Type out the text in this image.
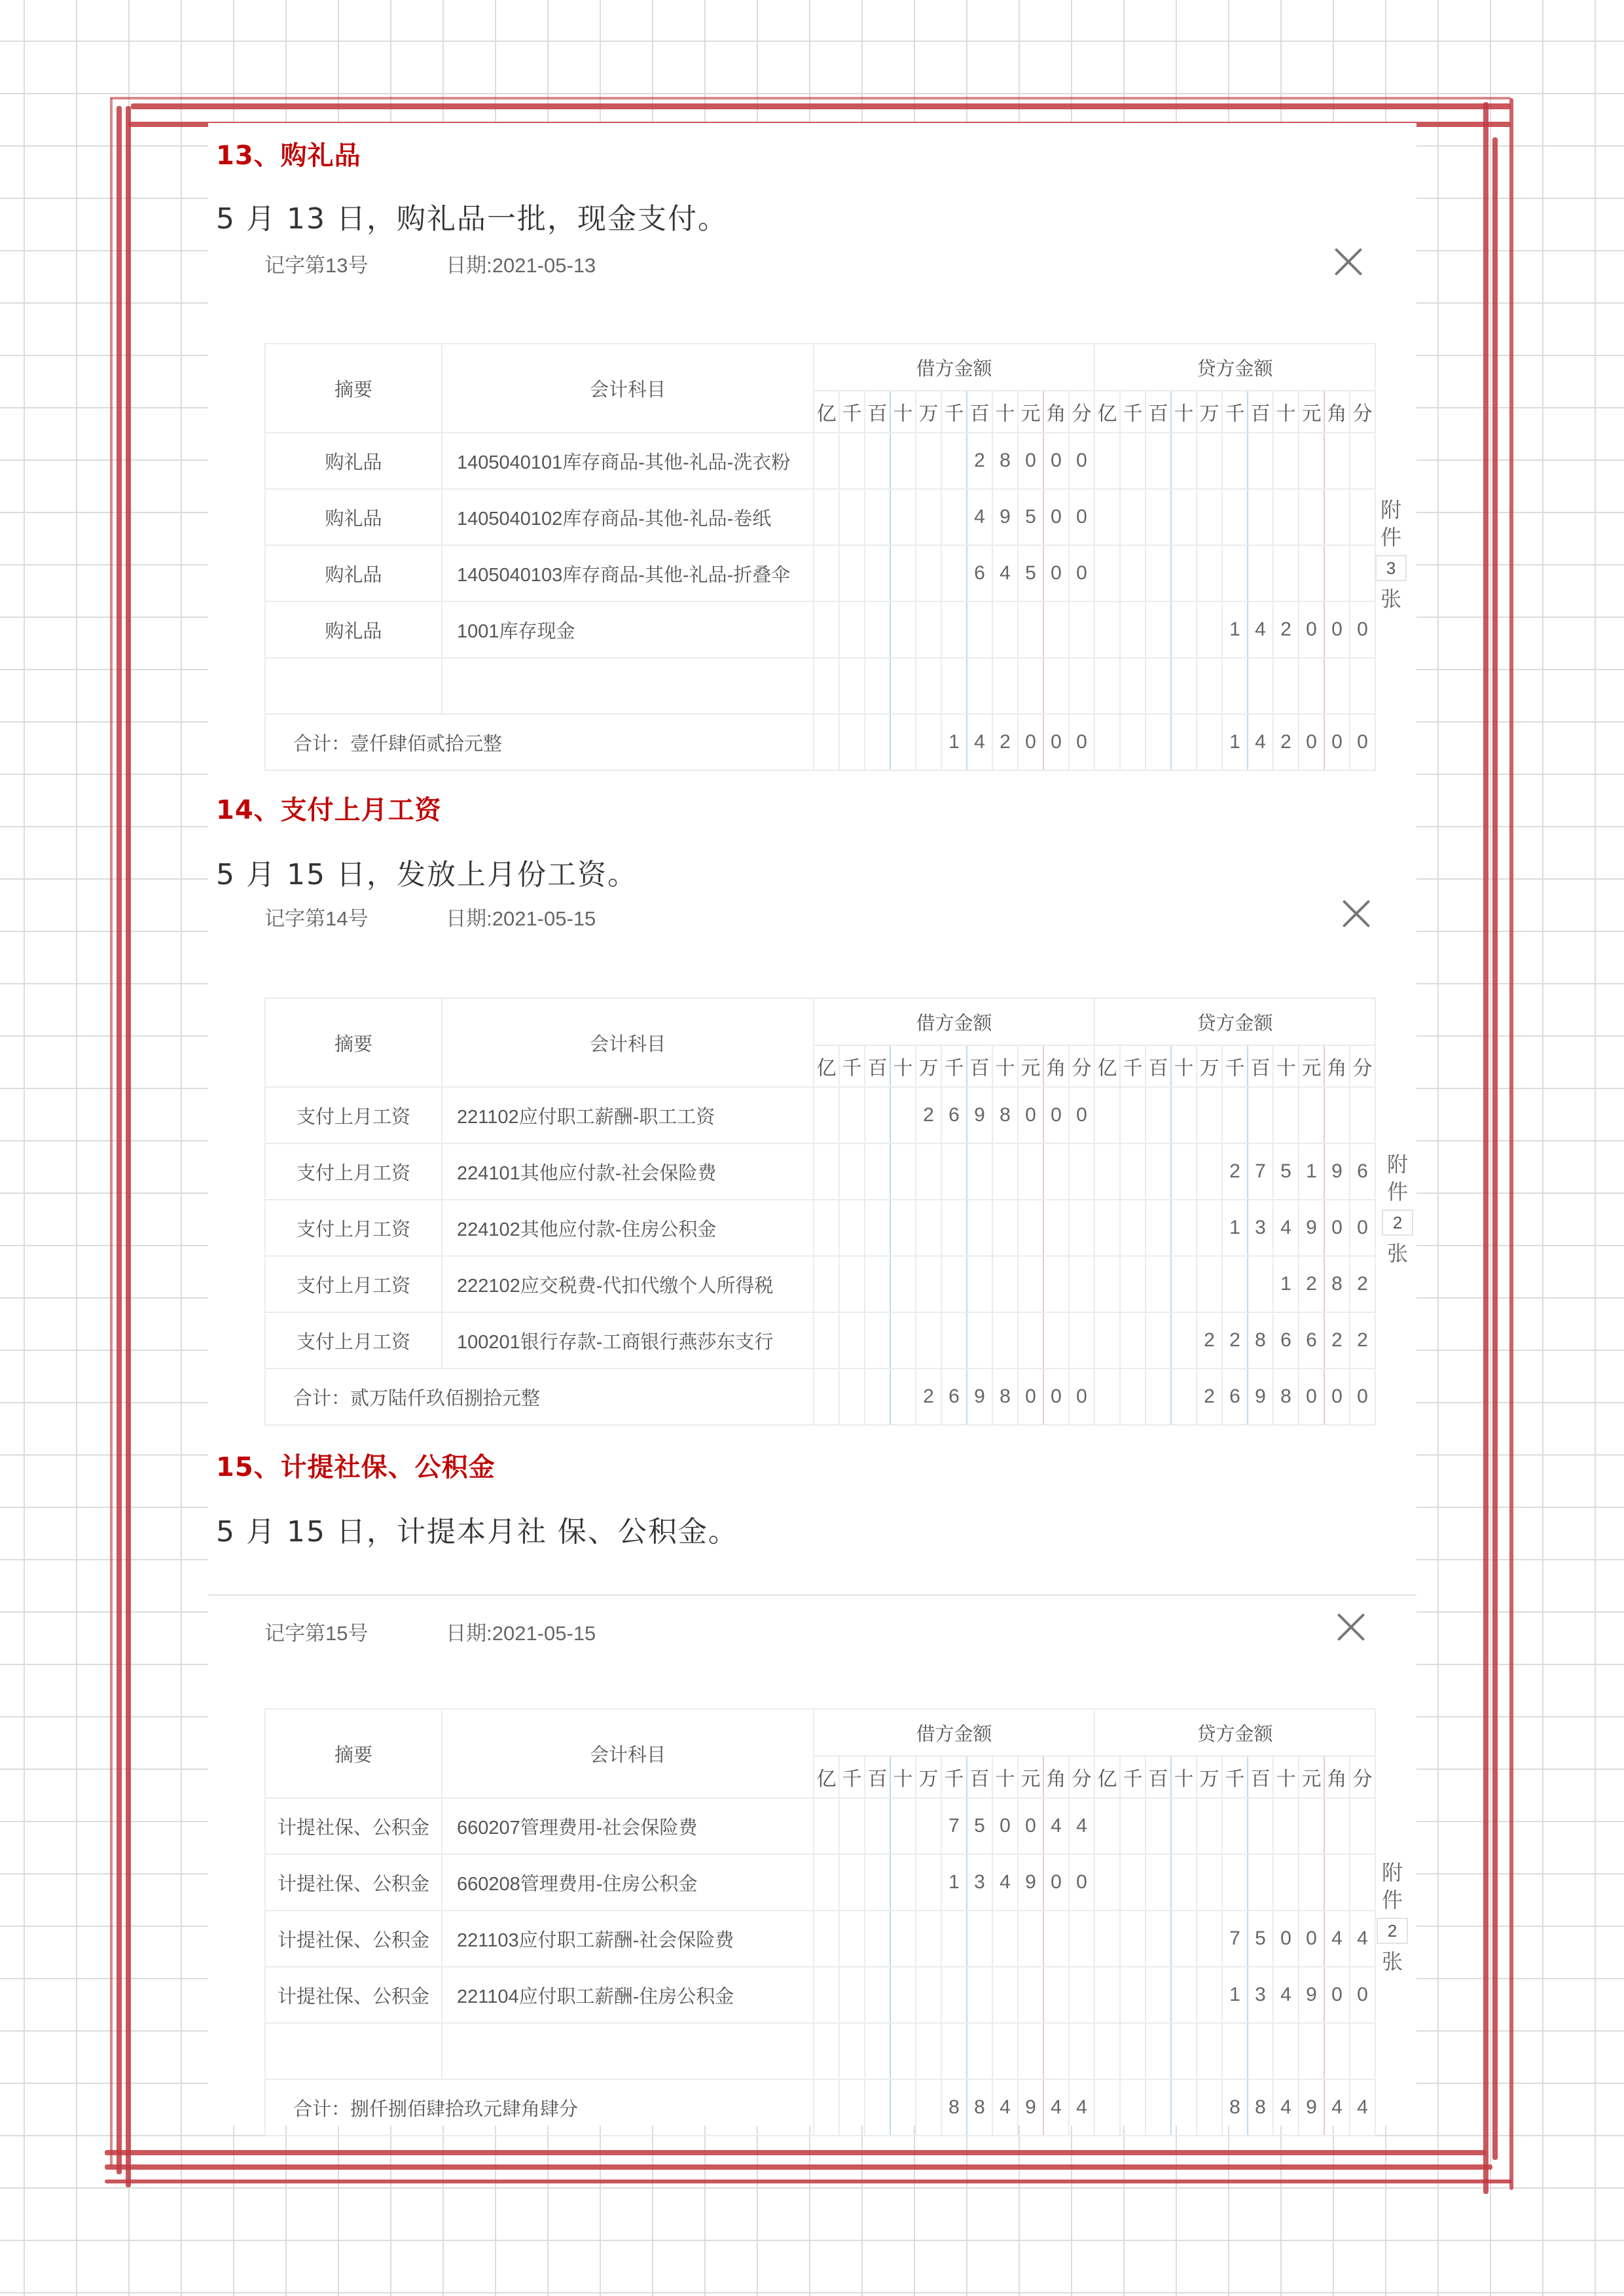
13、购礼品
5 月 13 日，购礼品一批，现金支付。
记字第13号	日期:2021-05-13
摘要	会计科目	借方金额											贷方金额										
		亿	千	百	十	万	千	百	十	元	角	分	亿	千	百	十	万	千	百	十	元	角	分
购礼品	1405040101库存商品-其他-礼品-洗衣粉							2	8	0	0	0											
购礼品	1405040102库存商品-其他-礼品-卷纸							4	9	5	0	0											
购礼品	1405040103库存商品-其他-礼品-折叠伞							6	4	5	0	0											
购礼品	1001库存现金																	1	4	2	0	0	0

合计：壹仟肆佰贰拾元整							1	4	2	0	0	0						1	4	2	0	0	0
附
件
3
张
14、支付上月工资
5 月 15 日，发放上月份工资。
记字第14号	日期:2021-05-15
摘要	会计科目	借方金额											贷方金额										
		亿	千	百	十	万	千	百	十	元	角	分	亿	千	百	十	万	千	百	十	元	角	分
支付上月工资	221102应付职工薪酬-职工工资					2	6	9	8	0	0	0											
支付上月工资	224101其他应付款-社会保险费																	2	7	5	1	9	6
支付上月工资	224102其他应付款-住房公积金																	1	3	4	9	0	0
支付上月工资	222102应交税费-代扣代缴个人所得税																			1	2	8	2
支付上月工资	100201银行存款-工商银行燕莎东支行																2	2	8	6	6	2	2
合计：贰万陆仟玖佰捌拾元整						2	6	9	8	0	0	0					2	6	9	8	0	0	0
附
件
2
张
15、计提社保、公积金
5 月 15 日，计提本月社 保、公积金。
记字第15号	日期:2021-05-15
摘要	会计科目	借方金额											贷方金额										
		亿	千	百	十	万	千	百	十	元	角	分	亿	千	百	十	万	千	百	十	元	角	分
计提社保、公积金	660207管理费用-社会保险费						7	5	0	0	4	4											
计提社保、公积金	660208管理费用-住房公积金						1	3	4	9	0	0											
计提社保、公积金	221103应付职工薪酬-社会保险费																	7	5	0	0	4	4
计提社保、公积金	221104应付职工薪酬-住房公积金																	1	3	4	9	0	0

合计：捌仟捌佰肆拾玖元肆角肆分							8	8	4	9	4	4						8	8	4	9	4	4
附
件
2
张
